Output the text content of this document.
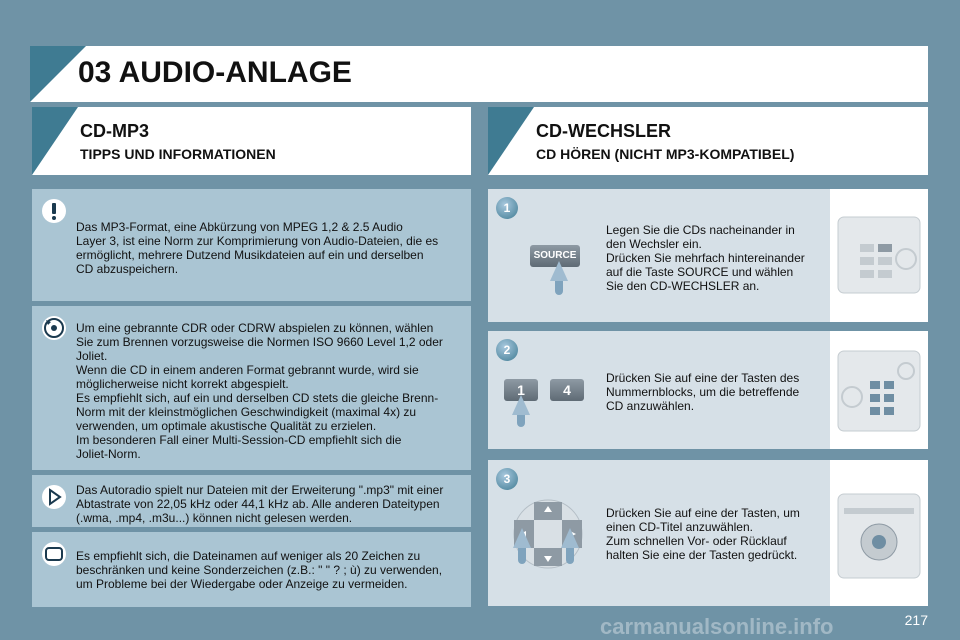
03 AUDIO-ANLAGE
CD-MP3
TIPPS UND INFORMATIONEN
CD-WECHSLER
CD HÖREN (NICHT MP3-KOMPATIBEL)

Das MP3-Format, eine Abkürzung von MPEG 1,2 & 2.5 Audio
Layer 3, ist eine Norm zur Komprimierung von Audio-Dateien, die es
ermöglicht, mehrere Dutzend Musikdateien auf ein und derselben
CD abzuspeichern.

Um eine gebrannte CDR oder CDRW abspielen zu können, wählen
Sie zum Brennen vorzugsweise die Normen ISO 9660 Level 1,2 oder
Joliet.
Wenn die CD in einem anderen Format gebrannt wurde, wird sie
möglicherweise nicht korrekt abgespielt.
Es empfiehlt sich, auf ein und derselben CD stets die gleiche Brenn-
Norm mit der kleinstmöglichen Geschwindigkeit (maximal 4x) zu
verwenden, um optimale akustische Qualität zu erzielen.
Im besonderen Fall einer Multi-Session-CD empfiehlt sich die
Joliet-Norm.

Das Autoradio spielt nur Dateien mit der Erweiterung ".mp3" mit einer
Abtastrate von 22,05 kHz oder 44,1 kHz ab. Alle anderen Dateitypen
(.wma, .mp4, .m3u...) können nicht gelesen werden.

Es empfiehlt sich, die Dateinamen auf weniger als 20 Zeichen zu
beschränken und keine Sonderzeichen (z.B.: " " ? ; ù) zu verwenden,
um Probleme bei der Wiedergabe oder Anzeige zu vermeiden.

1
SOURCE

Legen Sie die CDs nacheinander in
den Wechsler ein.
Drücken Sie mehrfach hintereinander
auf die Taste SOURCE und wählen
Sie den CD-WECHSLER an.

2
1	4

Drücken Sie auf eine der Tasten des
Nummernblocks, um die betreffende
CD anzuwählen.

3

Drücken Sie auf eine der Tasten, um
einen CD-Titel anzuwählen.
Zum schnellen Vor- oder Rücklauf
halten Sie eine der Tasten gedrückt.

217
carmanualsonline.info
